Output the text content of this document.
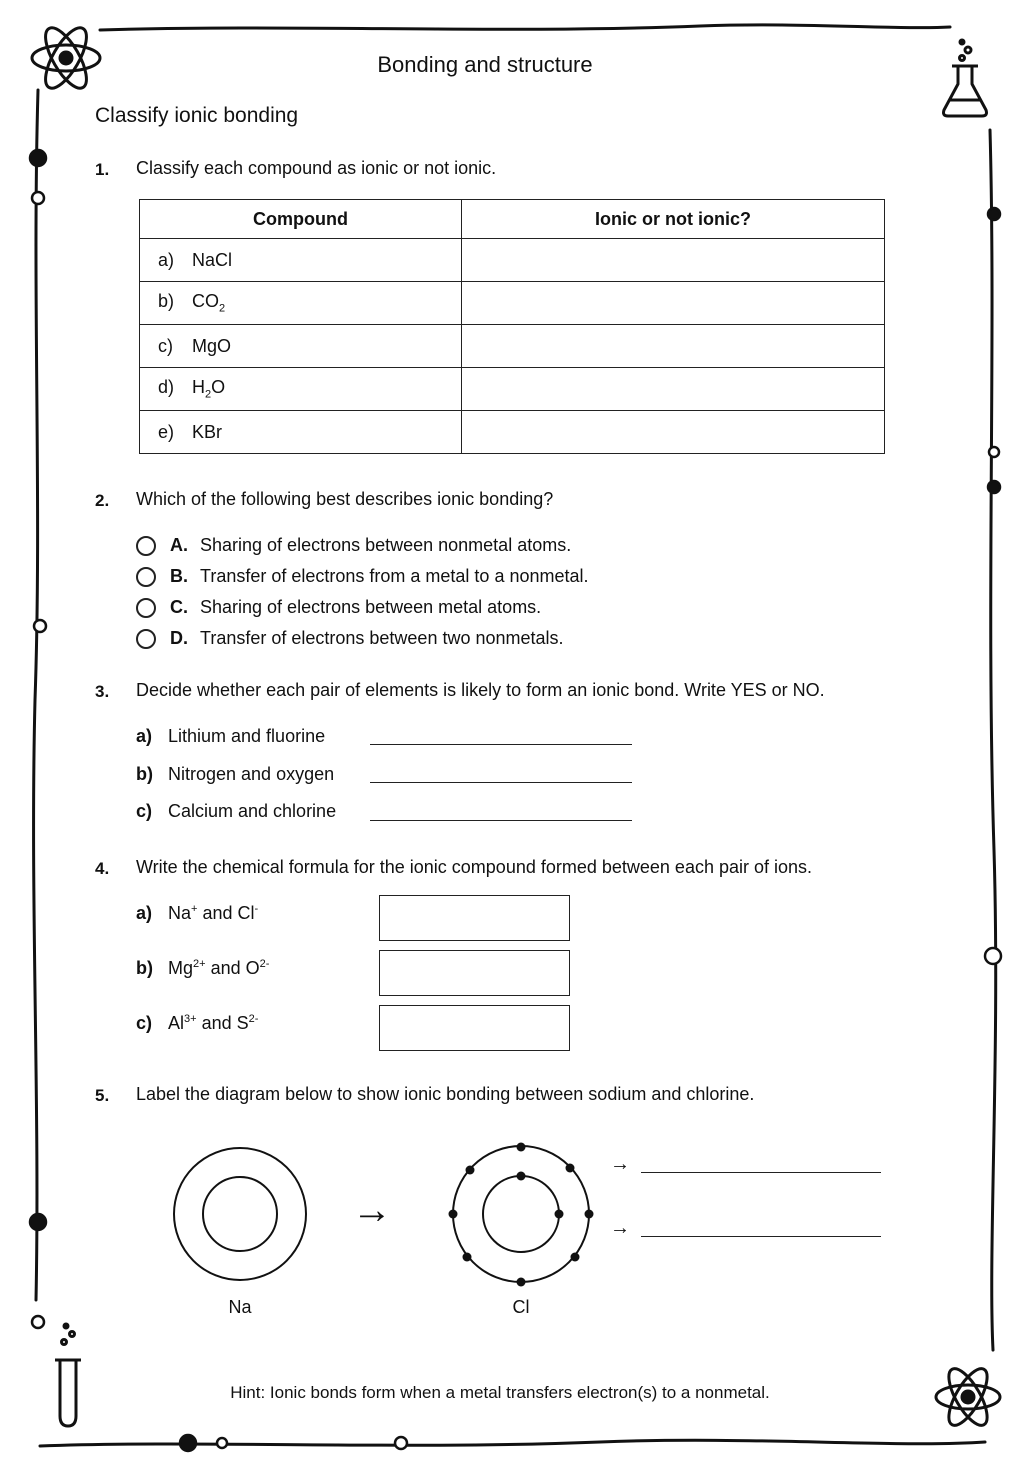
Bonding and structure
Classify ionic bonding
1. Classify each compound as ionic or not ionic.
Compound	Ionic or not ionic?
a) NaCl	
b) $CO_2$	
c) MgO	
d) $H_2O$	
e) KBr	
2. Which of the following best describes ionic bonding?
A. Sharing of electrons between nonmetal atoms.
B. Transfer of electrons from a metal to a nonmetal.
C. Sharing of electrons between metal atoms.
D. Transfer of electrons between two nonmetals.
3. Decide whether each pair of elements is likely to form an ionic bond. Write YES or NO.
a) Lithium and fluorine
b) Nitrogen and oxygen
c) Calcium and chlorine
4. Write the chemical formula for the ionic compound formed between each pair of ions.
a) Na+ and Cl-
b) $Mg^{2+}$ and $O^{2-}$
c) $Al^{3+}$ and $S^{2-}$
5. Label the diagram below to show ionic bonding between sodium and chlorine.
→
→
→
Na	Cl
Hint: Ionic bonds form when a metal transfers electron(s) to a nonmetal.
